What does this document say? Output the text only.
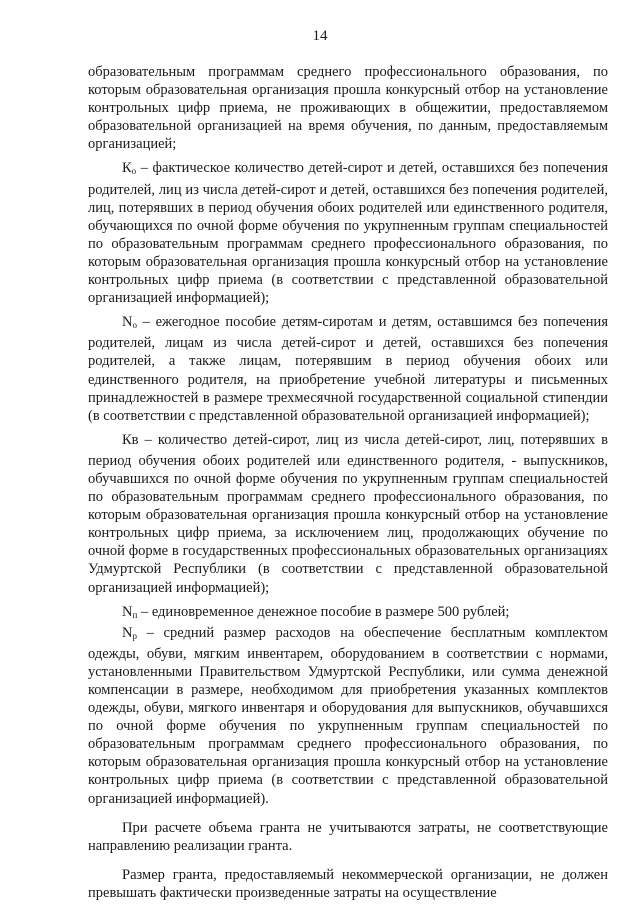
14

образовательным программам среднего профессионального образования, по которым образовательная организация прошла конкурсный отбор на установление контрольных цифр приема, не проживающих в общежитии, предоставляемом образовательной организацией на время обучения, по данным, предоставляемым организацией;

$К_о$ – фактическое количество детей-сирот и детей, оставшихся без попечения родителей, лиц из числа детей-сирот и детей, оставшихся без попечения родителей, лиц, потерявших в период обучения обоих родителей или единственного родителя, обучающихся по очной форме обучения по укрупненным группам специальностей по образовательным программам среднего профессионального образования, по которым образовательная организация прошла конкурсный отбор на установление контрольных цифр приема (в соответствии с представленной образовательной организацией информацией);

$N_о$ – ежегодное пособие детям-сиротам и детям, оставшимся без попечения родителей, лицам из числа детей-сирот и детей, оставшихся без попечения родителей, а также лицам, потерявшим в период обучения обоих или единственного родителя, на приобретение учебной литературы и письменных принадлежностей в размере трехмесячной государственной социальной стипендии (в соответствии с представленной образовательной организацией информацией);

Кв – количество детей-сирот, лиц из числа детей-сирот, лиц, потерявших в период обучения обоих родителей или единственного родителя, - выпускников, обучавшихся по очной форме обучения по укрупненным группам специальностей по образовательным программам среднего профессионального образования, по которым образовательная организация прошла конкурсный отбор на установление контрольных цифр приема, за исключением лиц, продолжающих обучение по очной форме в государственных профессиональных образовательных организациях Удмуртской Республики (в соответствии с представленной образовательной организацией информацией);

$N_п$ – единовременное денежное пособие в размере 500 рублей;

$N_р$ – средний размер расходов на обеспечение бесплатным комплектом одежды, обуви, мягким инвентарем, оборудованием в соответствии с нормами, установленными Правительством Удмуртской Республики, или сумма денежной компенсации в размере, необходимом для приобретения указанных комплектов одежды, обуви, мягкого инвентаря и оборудования для выпускников, обучавшихся по очной форме обучения по укрупненным группам специальностей по образовательным программам среднего профессионального образования, по которым образовательная организация прошла конкурсный отбор на установление контрольных цифр приема (в соответствии с представленной образовательной организацией информацией).

При расчете объема гранта не учитываются затраты, не соответствующие направлению реализации гранта.

Размер гранта, предоставляемый некоммерческой организации, не должен превышать фактически произведенные затраты на осуществление
